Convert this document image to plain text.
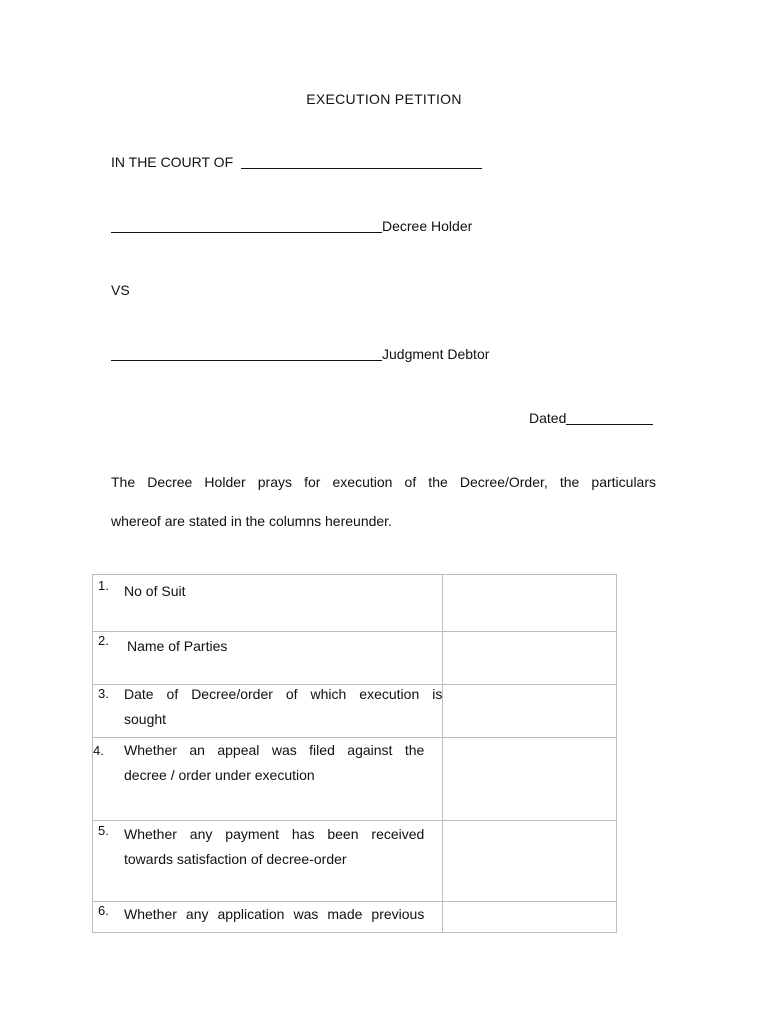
EXECUTION PETITION
IN THE COURT OF
Decree Holder
VS
Judgment Debtor
Dated
The Decree Holder prays for execution of the Decree/Order, the particulars
whereof are stated in the columns hereunder.
1. No of Suit	

2. Name of Parties	

3. Date of Decree/order of which execution is
sought	

4. Whether an appeal was filed against the
decree / order under execution	

5. Whether any payment has been received
towards satisfaction of decree-order	

6. Whether any application was made previous	
